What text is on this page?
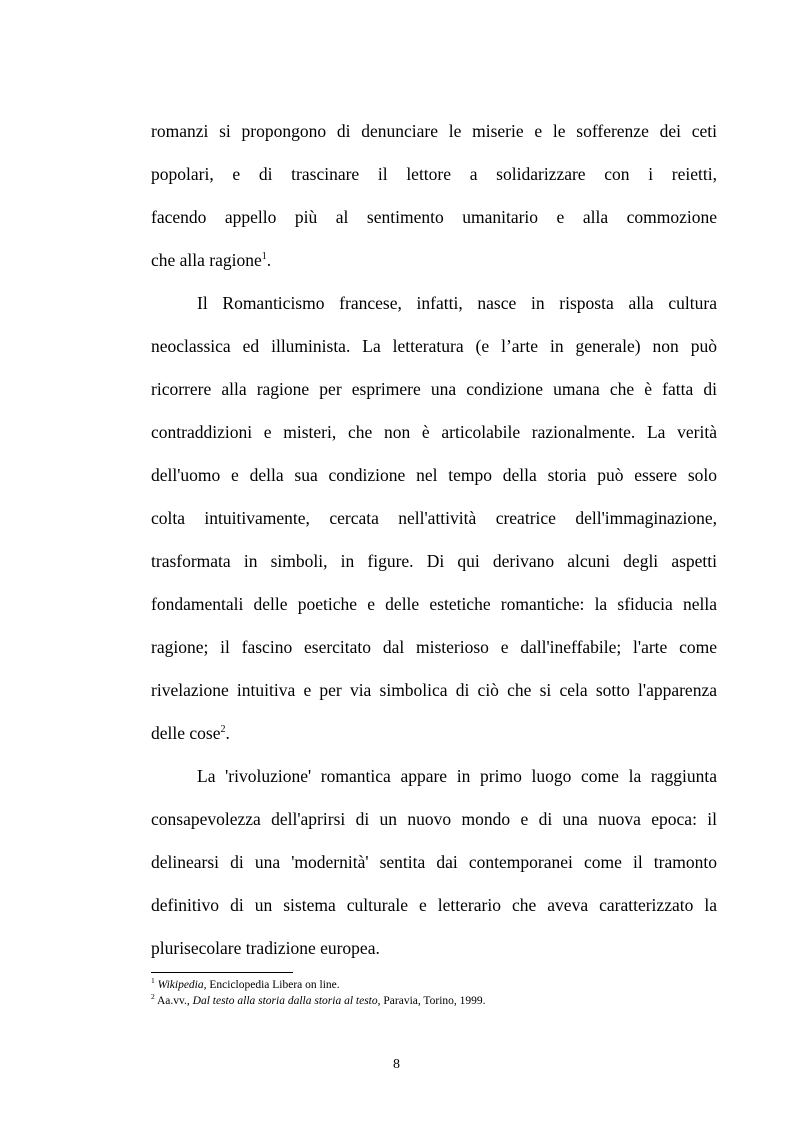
romanzi si propongono di denunciare le miserie e le sofferenze dei ceti
popolari, e di trascinare il lettore a solidarizzare con i reietti,
facendo appello più al sentimento umanitario e alla commozione
che alla ragione$^1$.
Il Romanticismo francese, infatti, nasce in risposta alla cultura
neoclassica ed illuminista. La letteratura (e l’arte in generale) non può
ricorrere alla ragione per esprimere una condizione umana che è fatta di
contraddizioni e misteri, che non è articolabile razionalmente. La verità
dell'uomo e della sua condizione nel tempo della storia può essere solo
colta intuitivamente, cercata nell'attività creatrice dell'immaginazione,
trasformata in simboli, in figure. Di qui derivano alcuni degli aspetti
fondamentali delle poetiche e delle estetiche romantiche: la sfiducia nella
ragione; il fascino esercitato dal misterioso e dall'ineffabile; l'arte come
rivelazione intuitiva e per via simbolica di ciò che si cela sotto l'apparenza
delle cose$^2$.
La 'rivoluzione' romantica appare in primo luogo come la raggiunta
consapevolezza dell'aprirsi di un nuovo mondo e di una nuova epoca: il
delinearsi di una 'modernità' sentita dai contemporanei come il tramonto
definitivo di un sistema culturale e letterario che aveva caratterizzato la
plurisecolare tradizione europea.
$^1$ Wikipedia, Enciclopedia Libera on line.
$^2$ Aa.vv., Dal testo alla storia dalla storia al testo, Paravia, Torino, 1999.
8
